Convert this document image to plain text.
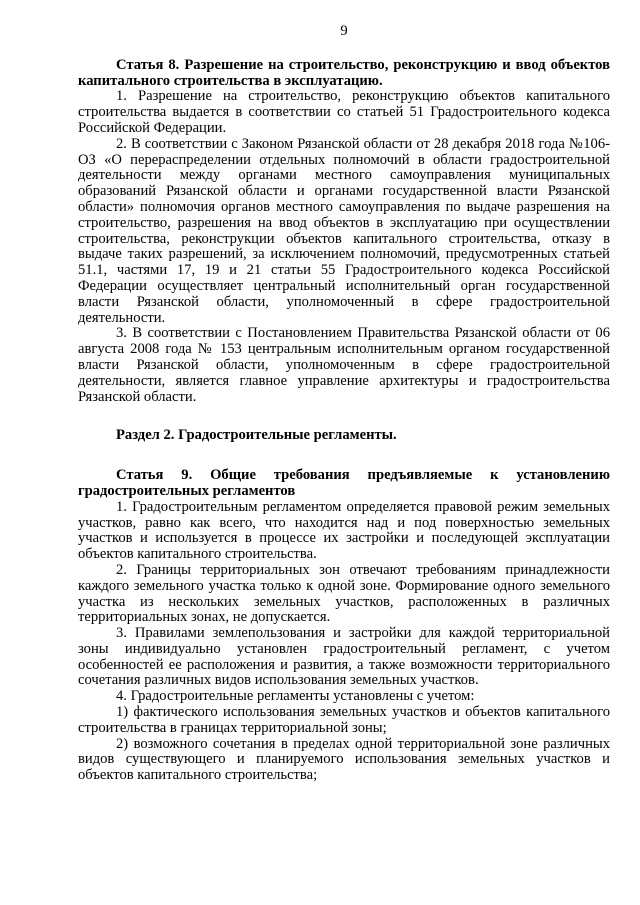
9

Статья 8. Разрешение на строительство, реконструкцию и ввод объектов капитального строительства в эксплуатацию.

1. Разрешение на строительство, реконструкцию объектов капитального строительства выдается в соответствии со статьей 51 Градостроительного кодекса Российской Федерации.

2. В соответствии с Законом Рязанской области от 28 декабря 2018 года №106-ОЗ «О перераспределении отдельных полномочий в области градостроительной деятельности между органами местного самоуправления муниципальных образований Рязанской области и органами государственной власти Рязанской области» полномочия органов местного самоуправления по выдаче разрешения на строительство, разрешения на ввод объектов в эксплуатацию при осуществлении строительства, реконструкции объектов капитального строительства, отказу в выдаче таких разрешений, за исключением полномочий, предусмотренных статьей 51.1, частями 17, 19 и 21 статьи 55 Градостроительного кодекса Российской Федерации осуществляет центральный исполнительный орган государственной власти Рязанской области, уполномоченный в сфере градостроительной деятельности.

3. В соответствии с Постановлением Правительства Рязанской области от 06 августа 2008 года № 153 центральным исполнительным органом государственной власти Рязанской области, уполномоченным в сфере градостроительной деятельности, является главное управление архитектуры и градостроительства Рязанской области.

Раздел 2. Градостроительные регламенты.

Статья 9. Общие требования предъявляемые к установлению градостроительных регламентов

1. Градостроительным регламентом определяется правовой режим земельных участков, равно как всего, что находится над и под поверхностью земельных участков и используется в процессе их застройки и последующей эксплуатации объектов капитального строительства.

2. Границы территориальных зон отвечают требованиям принадлежности каждого земельного участка только к одной зоне. Формирование одного земельного участка из нескольких земельных участков, расположенных в различных территориальных зонах, не допускается.

3. Правилами землепользования и застройки для каждой территориальной зоны индивидуально установлен градостроительный регламент, с учетом особенностей ее расположения и развития, а также возможности территориального сочетания различных видов использования земельных участков.

4. Градостроительные регламенты установлены с учетом:

1) фактического использования земельных участков и объектов капитального строительства в границах территориальной зоны;

2) возможного сочетания в пределах одной территориальной зоне различных видов существующего и планируемого использования земельных участков и объектов капитального строительства;
